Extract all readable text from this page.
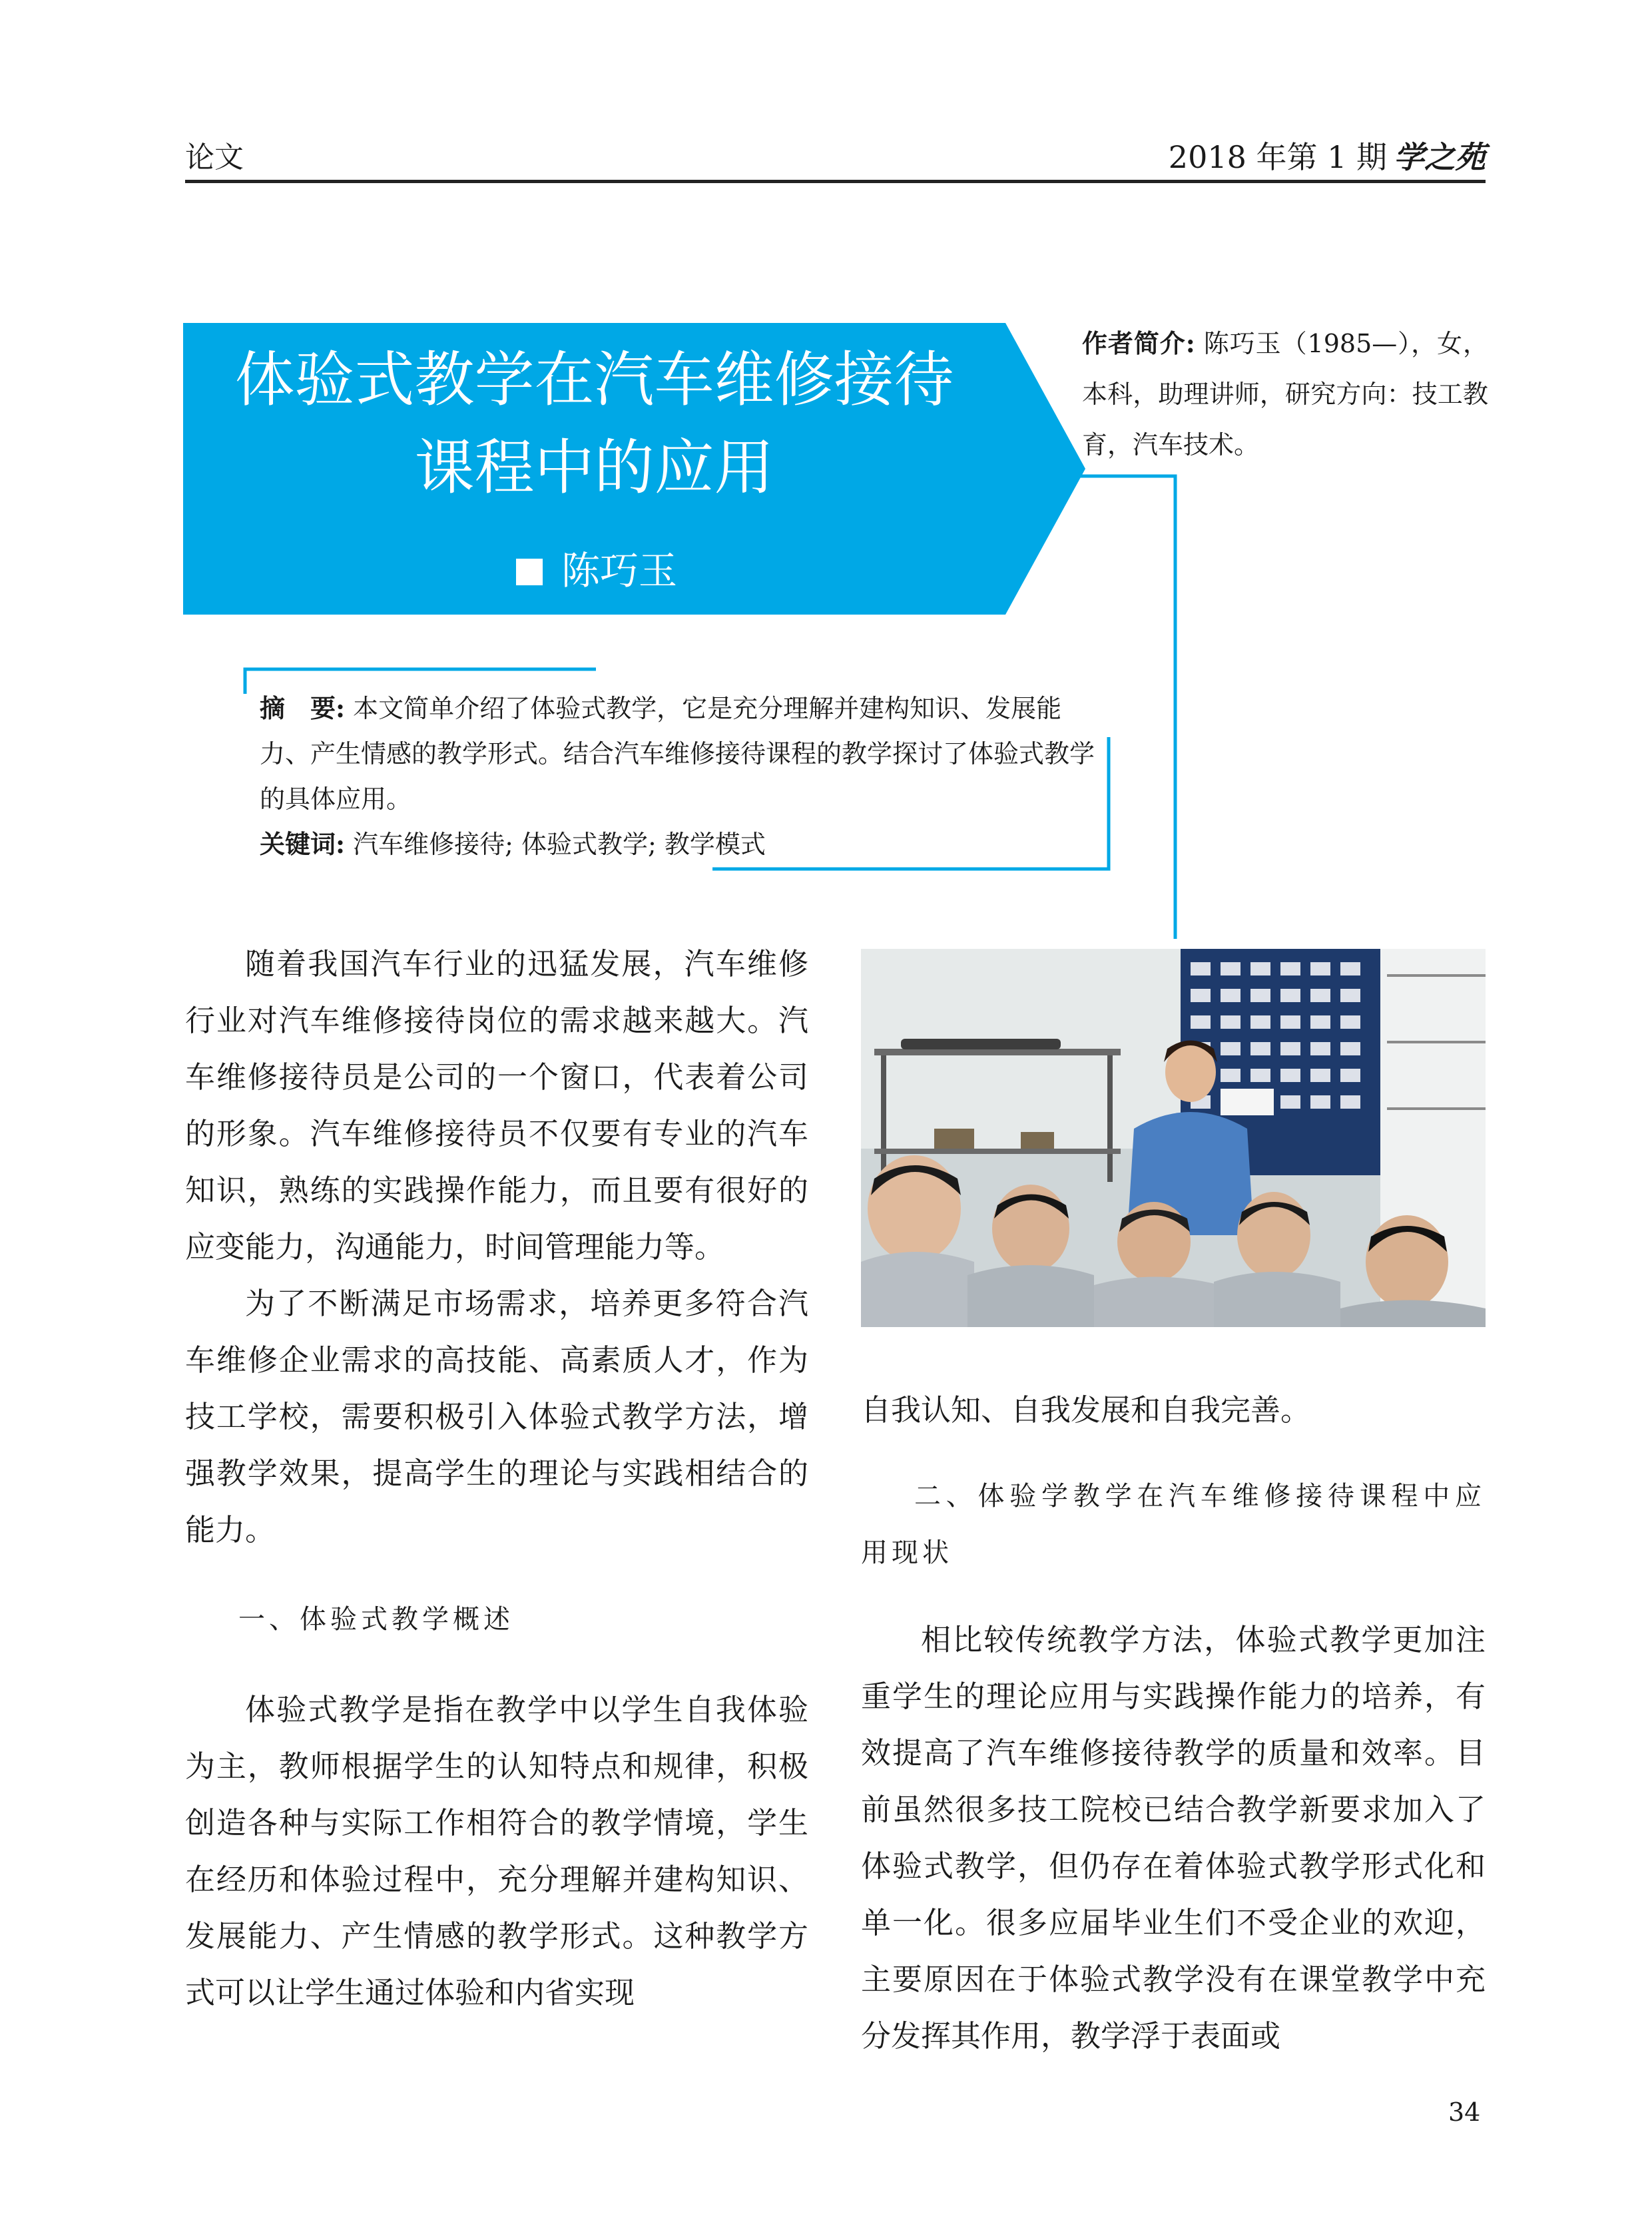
论文	2018 年第 1 期 学之苑
体验式教学在汽车维修接待
课程中的应用
陈巧玉
作者简介: 陈巧玉（1985—），女，本科，助理讲师，研究方向：技工教育，汽车技术。
摘　要: 本文简单介绍了体验式教学，它是充分理解并建构知识、发展能力、产生情感的教学形式。结合汽车维修接待课程的教学探讨了体验式教学的具体应用。
关键词: 汽车维修接待; 体验式教学; 教学模式

随着我国汽车行业的迅猛发展，汽车维修行业对汽车维修接待岗位的需求越来越大。汽车维修接待员是公司的一个窗口，代表着公司的形象。汽车维修接待员不仅要有专业的汽车知识，熟练的实践操作能力，而且要有很好的应变能力，沟通能力，时间管理能力等。

为了不断满足市场需求，培养更多符合汽车维修企业需求的高技能、高素质人才，作为技工学校，需要积极引入体验式教学方法，增强教学效果，提高学生的理论与实践相结合的能力。

一、体验式教学概述

体验式教学是指在教学中以学生自我体验为主，教师根据学生的认知特点和规律，积极创造各种与实际工作相符合的教学情境，学生在经历和体验过程中，充分理解并建构知识、发展能力、产生情感的教学形式。这种教学方式可以让学生通过体验和内省实现

自我认知、自我发展和自我完善。
二、体验学教学在汽车维修接待课程中应用现状

相比较传统教学方法，体验式教学更加注重学生的理论应用与实践操作能力的培养，有效提高了汽车维修接待教学的质量和效率。目前虽然很多技工院校已结合教学新要求加入了体验式教学，但仍存在着体验式教学形式化和单一化。很多应届毕业生们不受企业的欢迎，主要原因在于体验式教学没有在课堂教学中充分发挥其作用，教学浮于表面或

34
